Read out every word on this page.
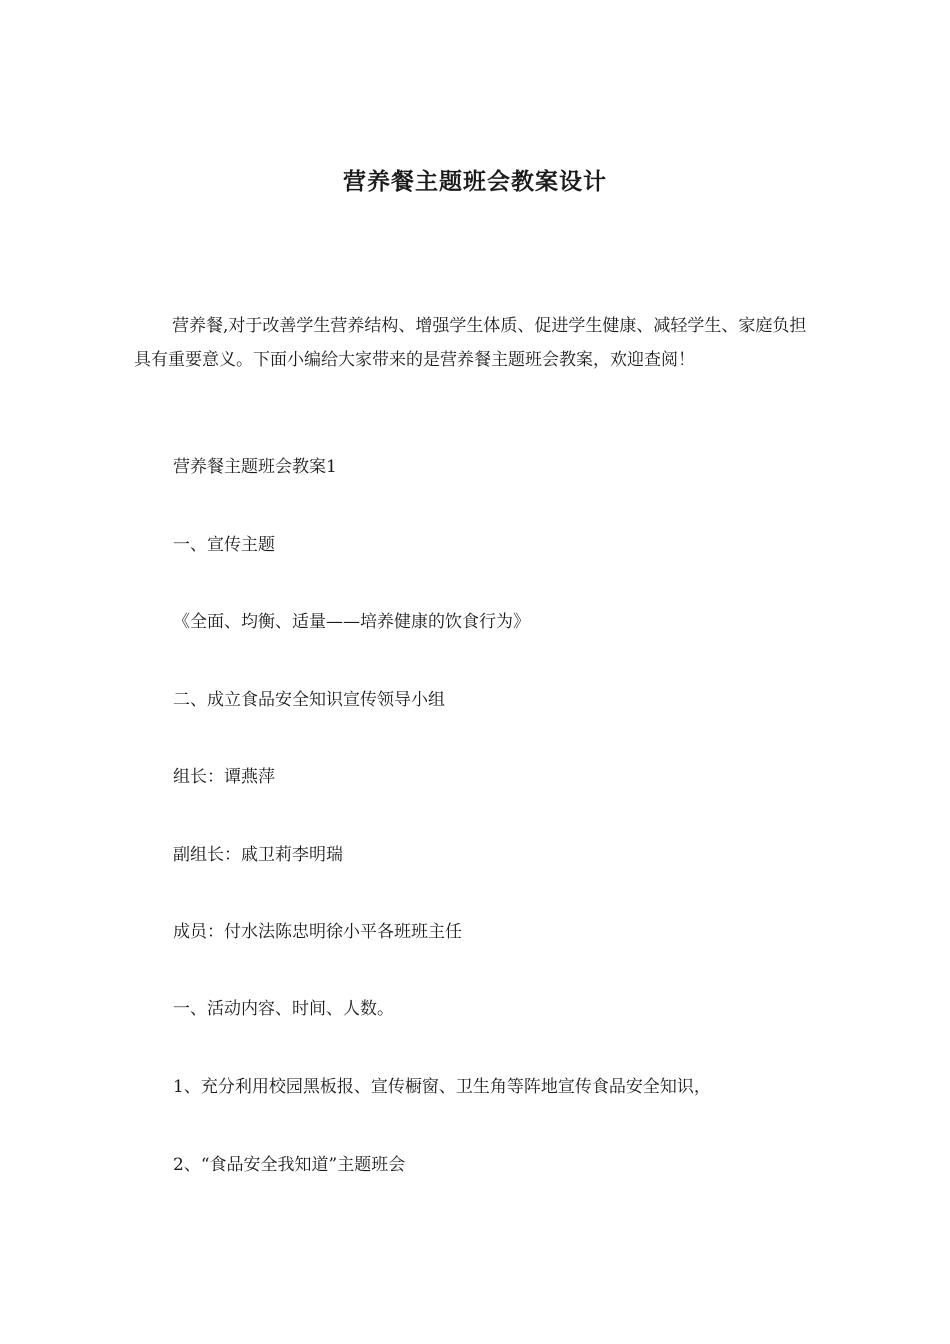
营养餐主题班会教案设计

营养餐,对于改善学生营养结构、增强学生体质、促进学生健康、减轻学生、家庭负担
具有重要意义。下面小编给大家带来的是营养餐主题班会教案，欢迎查阅！

营养餐主题班会教案1

一、宣传主题

《全面、均衡、适量——培养健康的饮食行为》

二、成立食品安全知识宣传领导小组

组长：谭燕萍

副组长：戚卫莉李明瑞

成员：付水法陈忠明徐小平各班班主任

一、活动内容、时间、人数。

1、充分利用校园黑板报、宣传橱窗、卫生角等阵地宣传食品安全知识，

2、“食品安全我知道”主题班会
